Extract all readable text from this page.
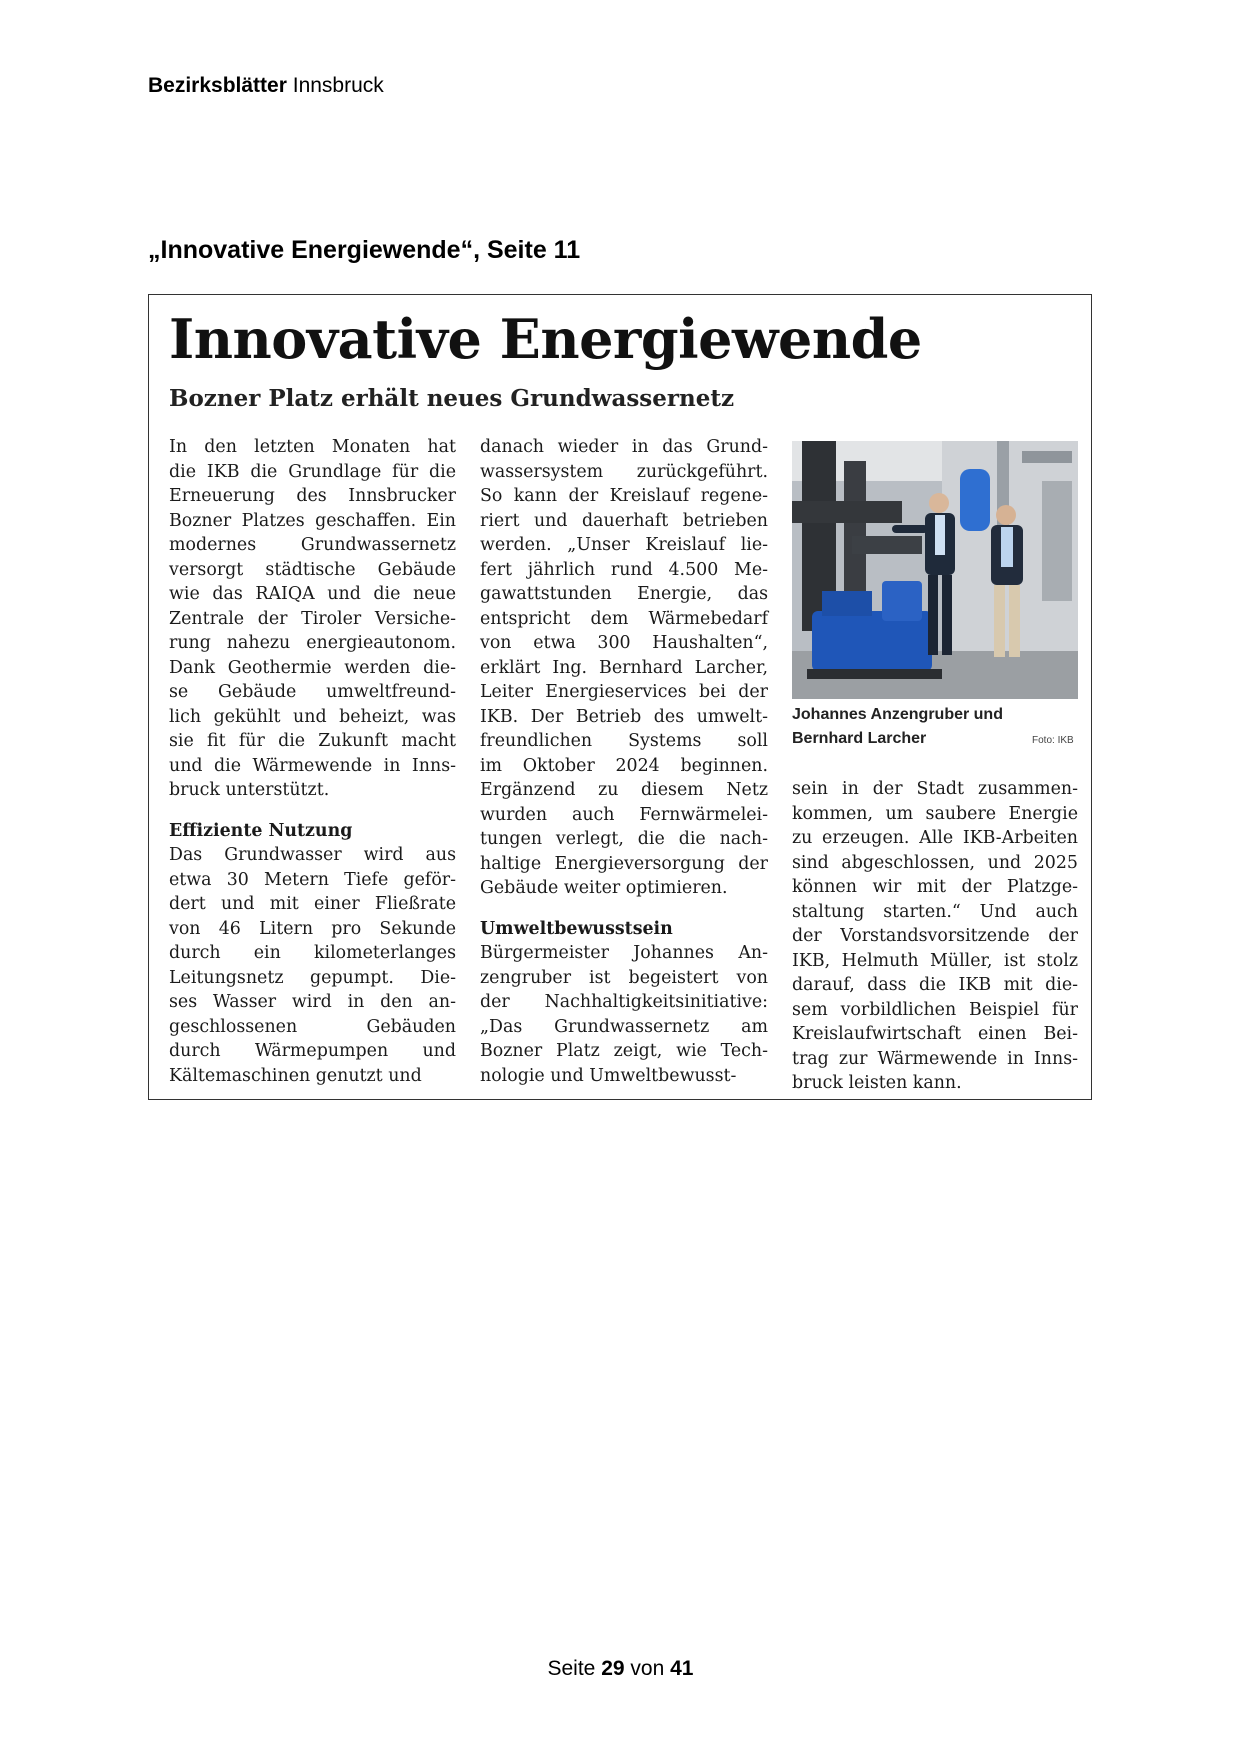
Bezirksblätter Innsbruck
„Innovative Energiewende“, Seite 11
Innovative Energiewende
Bozner Platz erhält neues Grundwassernetz
In den letzten Monaten hat
die IKB die Grundlage für die
Erneuerung des Innsbrucker
Bozner Platzes geschaffen. Ein
modernes Grundwassernetz
versorgt städtische Gebäude
wie das RAIQA und die neue
Zentrale der Tiroler Versiche-
rung nahezu energieautonom.
Dank Geothermie werden die-
se Gebäude umweltfreund-
lich gekühlt und beheizt, was
sie fit für die Zukunft macht
und die Wärmewende in Inns-
bruck unterstützt.
Effiziente Nutzung
Das Grundwasser wird aus
etwa 30 Metern Tiefe geför-
dert und mit einer Fließrate
von 46 Litern pro Sekunde
durch ein kilometerlanges
Leitungsnetz gepumpt. Die-
ses Wasser wird in den an-
geschlossenen Gebäuden
durch Wärmepumpen und
Kältemaschinen genutzt und
danach wieder in das Grund-
wassersystem zurückgeführt.
So kann der Kreislauf regene-
riert und dauerhaft betrieben
werden. „Unser Kreislauf lie-
fert jährlich rund 4.500 Me-
gawattstunden Energie, das
entspricht dem Wärmebedarf
von etwa 300 Haushalten“,
erklärt Ing. Bernhard Larcher,
Leiter Energieservices bei der
IKB. Der Betrieb des umwelt-
freundlichen Systems soll
im Oktober 2024 beginnen.
Ergänzend zu diesem Netz
wurden auch Fernwärmelei-
tungen verlegt, die die nach-
haltige Energieversorgung der
Gebäude weiter optimieren.
Umweltbewusstsein
Bürgermeister Johannes An-
zengruber ist begeistert von
der Nachhaltigkeitsinitiative:
„Das Grundwassernetz am
Bozner Platz zeigt, wie Tech-
nologie und Umweltbewusst-
Johannes Anzengruber und Bernhard Larcher	Foto: IKB
sein in der Stadt zusammen-
kommen, um saubere Energie
zu erzeugen. Alle IKB-Arbeiten
sind abgeschlossen, und 2025
können wir mit der Platzge-
staltung starten.“ Und auch
der Vorstandsvorsitzende der
IKB, Helmuth Müller, ist stolz
darauf, dass die IKB mit die-
sem vorbildlichen Beispiel für
Kreislaufwirtschaft einen Bei-
trag zur Wärmewende in Inns-
bruck leisten kann.
Seite 29 von 41
